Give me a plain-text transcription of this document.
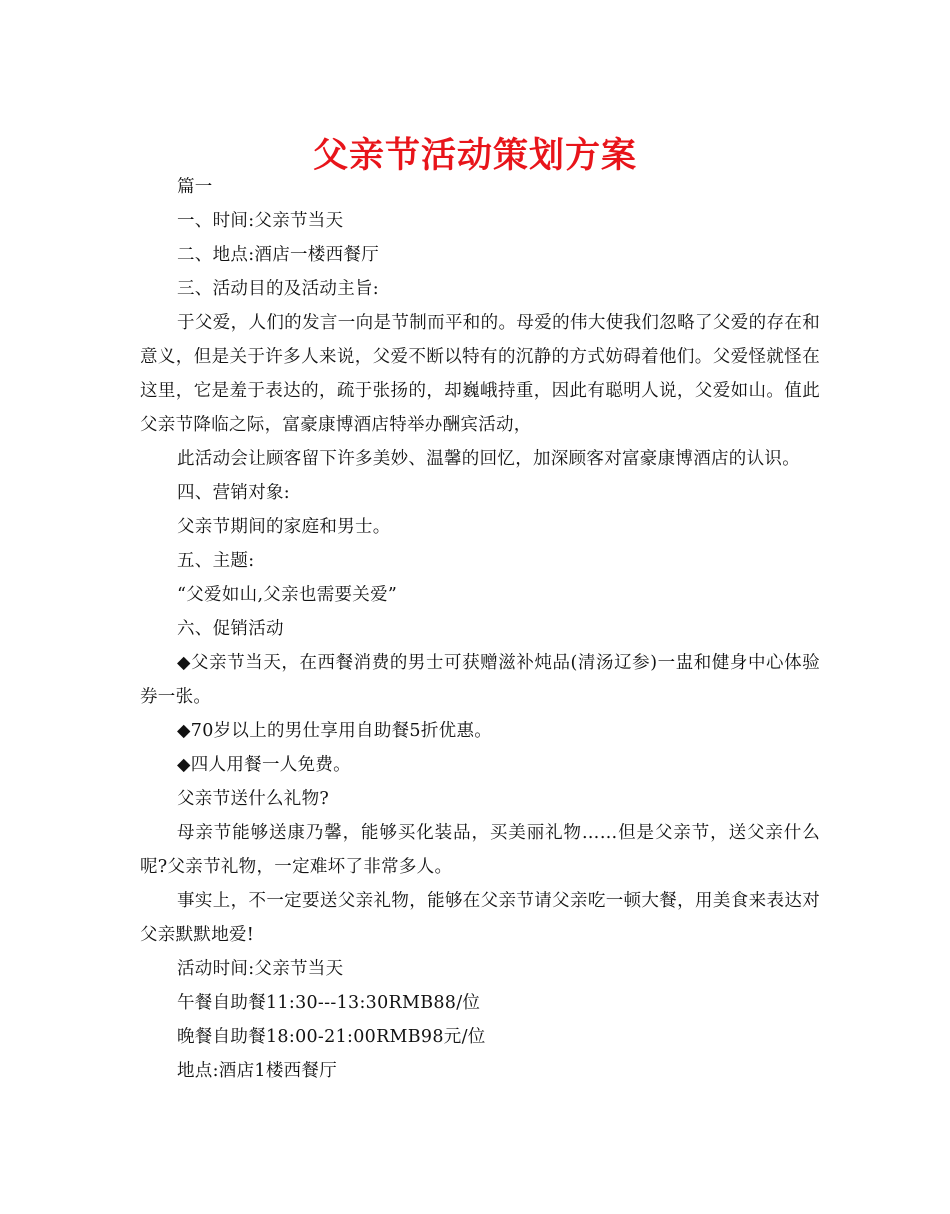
父亲节活动策划方案

篇一

一、时间:父亲节当天

二、地点:酒店一楼西餐厅

三、活动目的及活动主旨:

于父爱，人们的发言一向是节制而平和的。母爱的伟大使我们忽略了父爱的存在和意义，但是关于许多人来说，父爱不断以特有的沉静的方式妨碍着他们。父爱怪就怪在这里，它是羞于表达的，疏于张扬的，却巍峨持重，因此有聪明人说，父爱如山。值此父亲节降临之际，富豪康博酒店特举办酬宾活动，

此活动会让顾客留下许多美妙、温馨的回忆，加深顾客对富豪康博酒店的认识。

四、营销对象:

父亲节期间的家庭和男士。

五、主题:

“父爱如山,父亲也需要关爱”

六、促销活动

◆父亲节当天，在西餐消费的男士可获赠滋补炖品(清汤辽参)一盅和健身中心体验券一张。

◆70岁以上的男仕享用自助餐5折优惠。

◆四人用餐一人免费。

父亲节送什么礼物?

母亲节能够送康乃馨，能够买化装品，买美丽礼物……但是父亲节，送父亲什么呢?父亲节礼物，一定难坏了非常多人。

事实上，不一定要送父亲礼物，能够在父亲节请父亲吃一顿大餐，用美食来表达对父亲默默地爱!

活动时间:父亲节当天

午餐自助餐11:30---13:30RMB88/位

晚餐自助餐18:00-21:00RMB98元/位

地点:酒店1楼西餐厅
